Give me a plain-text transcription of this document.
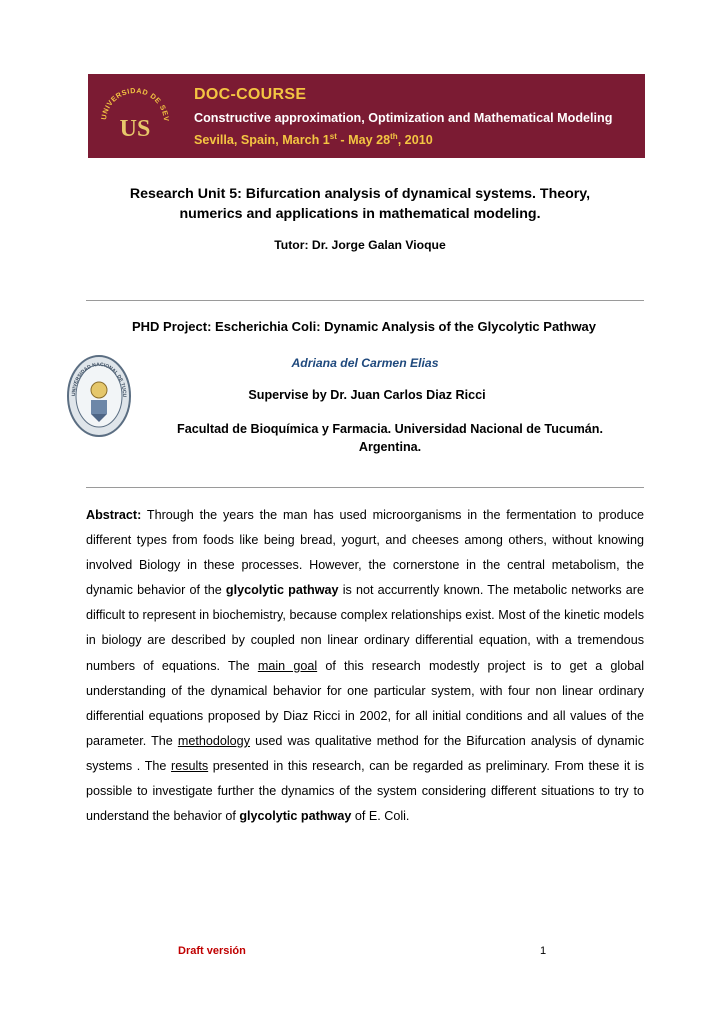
UNIVERSIDAD DE SEV
US
DOC-COURSE
Constructive approximation, Optimization and Mathematical Modeling
Sevilla, Spain, March 1st - May 28th, 2010
Research Unit 5: Bifurcation analysis of dynamical systems. Theory,
numerics and applications in mathematical modeling.
Tutor: Dr. Jorge Galan Vioque
PHD Project: Escherichia Coli: Dynamic Analysis of the Glycolytic Pathway
UNIVERSIDAD NACIONAL DE TUCU
Adriana del Carmen Elias
Supervise by Dr. Juan Carlos Diaz Ricci
Facultad de Bioquímica y Farmacia. Universidad Nacional de Tucumán.
Argentina.
Abstract: Through the years the man has used microorganisms in the fermentation to produce different types from foods like being bread, yogurt, and cheeses among others, without knowing involved Biology in these processes. However, the cornerstone in the central metabolism, the dynamic behavior of the glycolytic pathway is not accurrently known. The metabolic networks are difficult to represent in biochemistry, because complex relationships exist. Most of the kinetic models in biology are described by coupled non linear ordinary differential equation, with a tremendous numbers of equations. The main goal of this research modestly project is to get a global understanding of the dynamical behavior for one particular system, with four non linear ordinary differential equations proposed by Diaz Ricci in 2002, for all initial conditions and all values of the parameter. The methodology used was qualitative method for the Bifurcation analysis of dynamic systems . The results presented in this research, can be regarded as preliminary. From these it is possible to investigate further the dynamics of the system considering different situations to try to understand the behavior of glycolytic pathway of E. Coli.
Draft versión	1
